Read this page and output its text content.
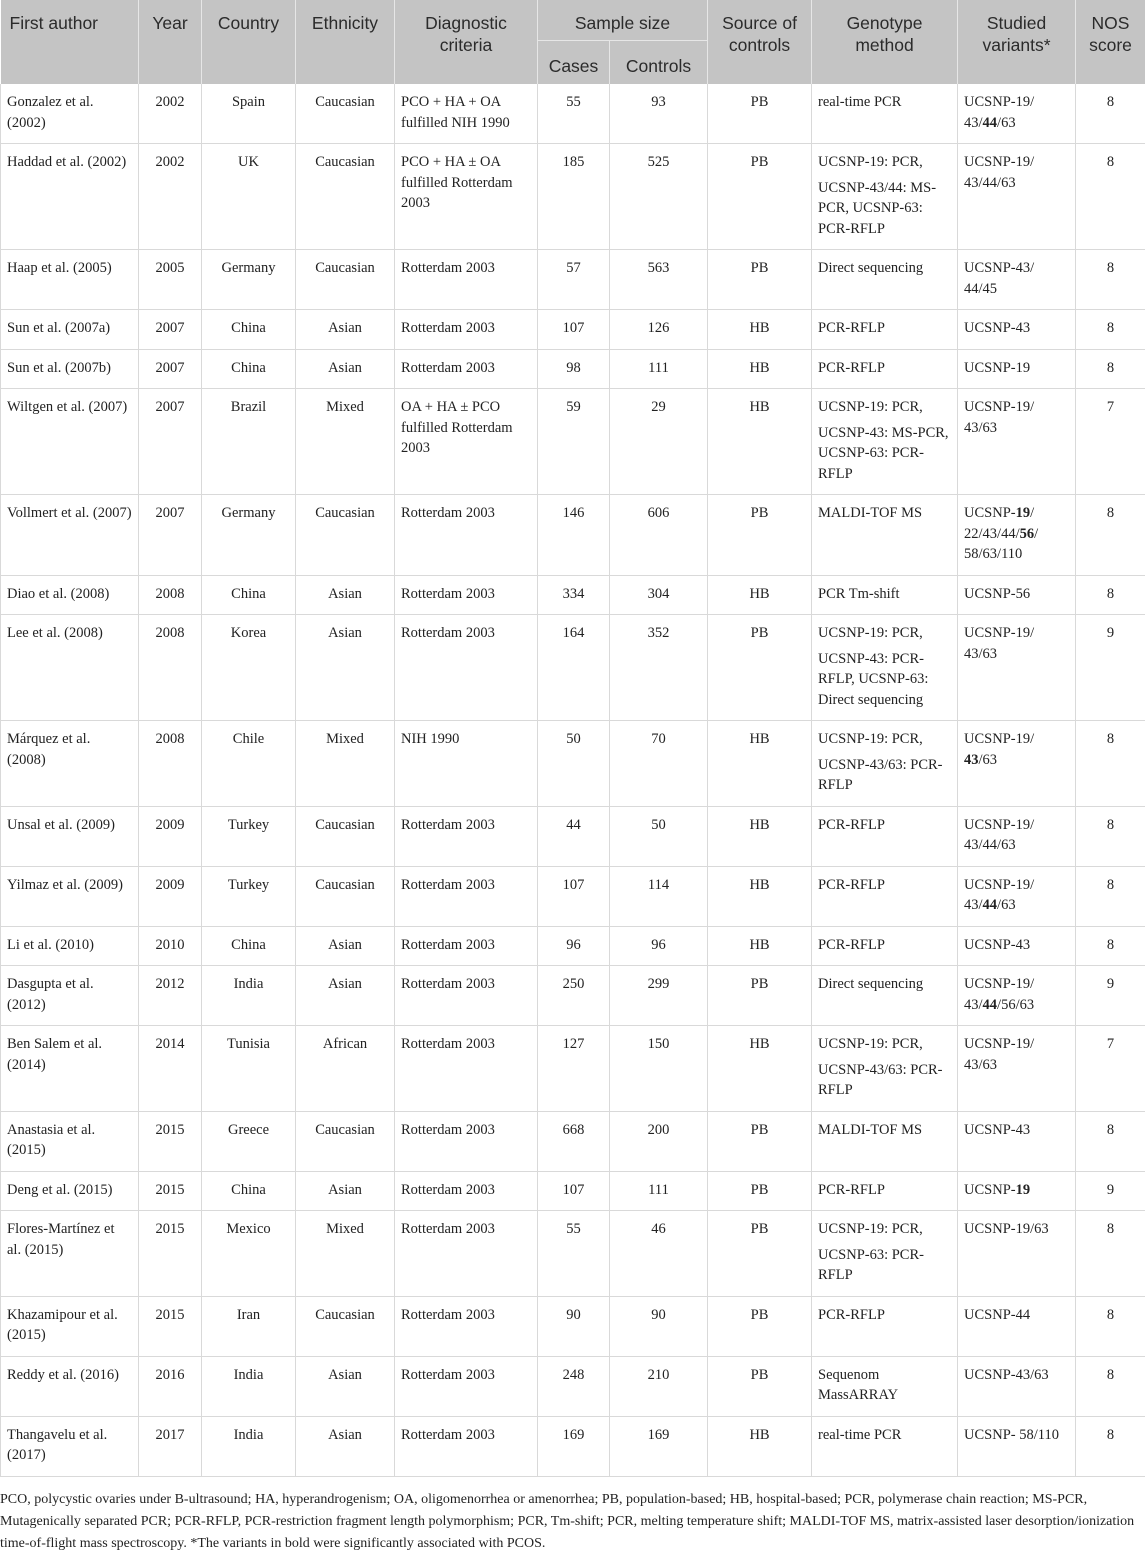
First author	Year	Country	Ethnicity	Diagnostic criteria	Sample size		Source of controls	Genotype method	Studied variants*	NOS score
					Cases	Controls				
Gonzalez et al. (2002)	2002	Spain	Caucasian	PCO + HA + OA fulfilled NIH 1990	55	93	PB	real-time PCR	UCSNP-19/ 43/44/63	8
Haddad et al. (2002)	2002	UK	Caucasian	PCO + HA ± OA fulfilled Rotterdam 2003	185	525	PB	UCSNP-19: PCR,
UCSNP-43/44: MS-PCR, UCSNP-63: PCR-RFLP	UCSNP-19/ 43/44/63	8
Haap et al. (2005)	2005	Germany	Caucasian	Rotterdam 2003	57	563	PB	Direct sequencing	UCSNP-43/ 44/45	8
Sun et al. (2007a)	2007	China	Asian	Rotterdam 2003	107	126	HB	PCR-RFLP	UCSNP-43	8
Sun et al. (2007b)	2007	China	Asian	Rotterdam 2003	98	111	HB	PCR-RFLP	UCSNP-19	8
Wiltgen et al. (2007)	2007	Brazil	Mixed	OA + HA ± PCO fulfilled Rotterdam 2003	59	29	HB	UCSNP-19: PCR,
UCSNP-43: MS-PCR, UCSNP-63: PCR-RFLP	UCSNP-19/ 43/63	7
Vollmert et al. (2007)	2007	Germany	Caucasian	Rotterdam 2003	146	606	PB	MALDI-TOF MS	UCSNP-19/ 22/43/44/56/ 58/63/110	8
Diao et al. (2008)	2008	China	Asian	Rotterdam 2003	334	304	HB	PCR Tm-shift	UCSNP-56	8
Lee et al. (2008)	2008	Korea	Asian	Rotterdam 2003	164	352	PB	UCSNP-19: PCR,
UCSNP-43: PCR-RFLP, UCSNP-63: Direct sequencing	UCSNP-19/ 43/63	9
Márquez et al. (2008)	2008	Chile	Mixed	NIH 1990	50	70	HB	UCSNP-19: PCR,
UCSNP-43/63: PCR-RFLP	UCSNP-19/ 43/63	8
Unsal et al. (2009)	2009	Turkey	Caucasian	Rotterdam 2003	44	50	HB	PCR-RFLP	UCSNP-19/ 43/44/63	8
Yilmaz et al. (2009)	2009	Turkey	Caucasian	Rotterdam 2003	107	114	HB	PCR-RFLP	UCSNP-19/ 43/44/63	8
Li et al. (2010)	2010	China	Asian	Rotterdam 2003	96	96	HB	PCR-RFLP	UCSNP-43	8
Dasgupta et al. (2012)	2012	India	Asian	Rotterdam 2003	250	299	PB	Direct sequencing	UCSNP-19/ 43/44/56/63	9
Ben Salem et al. (2014)	2014	Tunisia	African	Rotterdam 2003	127	150	HB	UCSNP-19: PCR,
UCSNP-43/63: PCR-RFLP	UCSNP-19/ 43/63	7
Anastasia et al. (2015)	2015	Greece	Caucasian	Rotterdam 2003	668	200	PB	MALDI-TOF MS	UCSNP-43	8
Deng et al. (2015)	2015	China	Asian	Rotterdam 2003	107	111	PB	PCR-RFLP	UCSNP-19	9
Flores-Martínez et al. (2015)	2015	Mexico	Mixed	Rotterdam 2003	55	46	PB	UCSNP-19: PCR,
UCSNP-63: PCR-RFLP	UCSNP-19/63	8
Khazamipour et al. (2015)	2015	Iran	Caucasian	Rotterdam 2003	90	90	PB	PCR-RFLP	UCSNP-44	8
Reddy et al. (2016)	2016	India	Asian	Rotterdam 2003	248	210	PB	Sequenom MassARRAY	UCSNP-43/63	8
Thangavelu et al. (2017)	2017	India	Asian	Rotterdam 2003	169	169	HB	real-time PCR	UCSNP- 58/110	8
PCO, polycystic ovaries under B-ultrasound; HA, hyperandrogenism; OA, oligomenorrhea or amenorrhea; PB, population-based; HB, hospital-based; PCR, polymerase chain reaction; MS-PCR, Mutagenically separated PCR; PCR-RFLP, PCR-restriction fragment length polymorphism; PCR, Tm-shift; PCR, melting temperature shift; MALDI-TOF MS, matrix-assisted laser desorption/ionization time-of-flight mass spectroscopy. *The variants in bold were significantly associated with PCOS.
